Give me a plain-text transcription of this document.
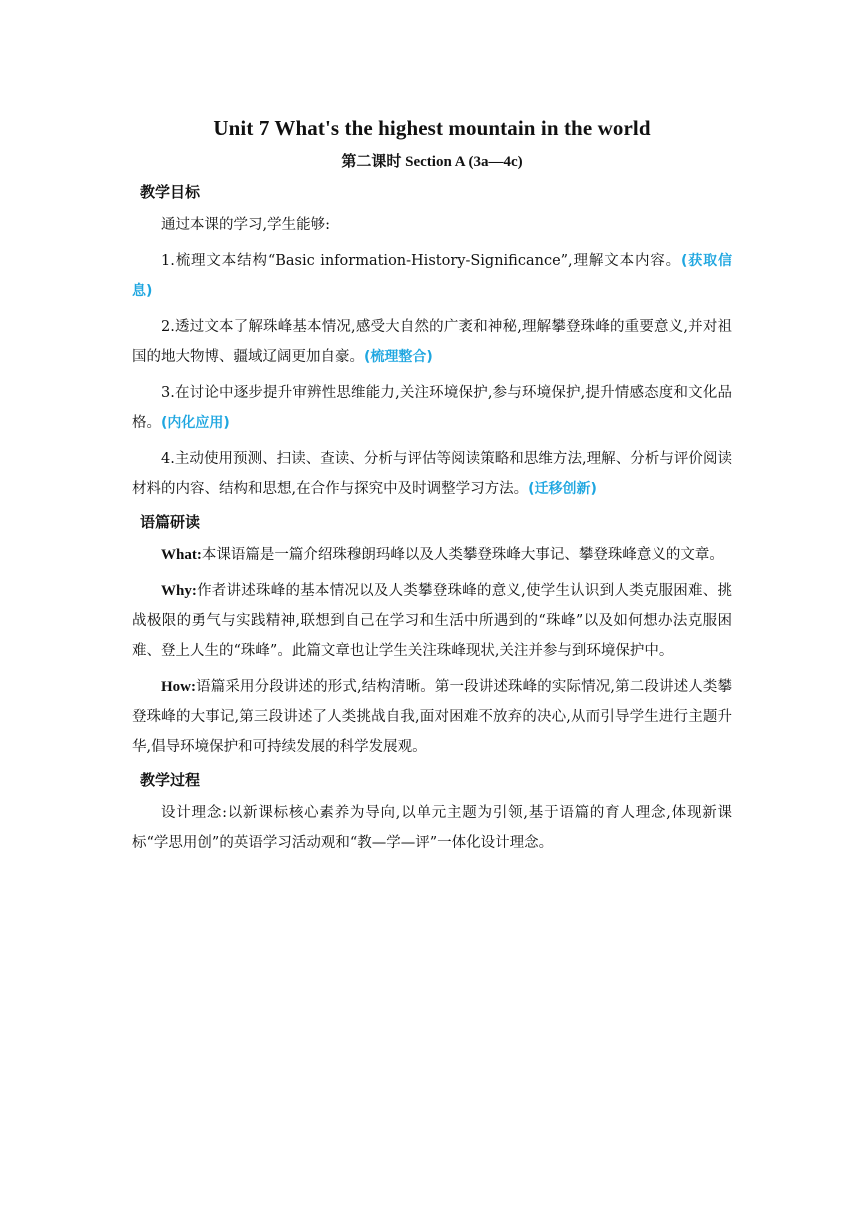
Unit 7 What's the highest mountain in the world
第二课时 Section A (3a—4c)
教学目标

通过本课的学习,学生能够:

1.梳理文本结构“Basic information-History-Significance”,理解文本内容。(获取信息)

2.透过文本了解珠峰基本情况,感受大自然的广袤和神秘,理解攀登珠峰的重要意义,并对祖国的地大物博、疆域辽阔更加自豪。(梳理整合)

3.在讨论中逐步提升审辨性思维能力,关注环境保护,参与环境保护,提升情感态度和文化品格。(内化应用)

4.主动使用预测、扫读、查读、分析与评估等阅读策略和思维方法,理解、分析与评价阅读材料的内容、结构和思想,在合作与探究中及时调整学习方法。(迁移创新)

语篇研读

What:本课语篇是一篇介绍珠穆朗玛峰以及人类攀登珠峰大事记、攀登珠峰意义的文章。

Why:作者讲述珠峰的基本情况以及人类攀登珠峰的意义,使学生认识到人类克服困难、挑战极限的勇气与实践精神,联想到自己在学习和生活中所遇到的“珠峰”以及如何想办法克服困难、登上人生的“珠峰”。此篇文章也让学生关注珠峰现状,关注并参与到环境保护中。

How:语篇采用分段讲述的形式,结构清晰。第一段讲述珠峰的实际情况,第二段讲述人类攀登珠峰的大事记,第三段讲述了人类挑战自我,面对困难不放弃的决心,从而引导学生进行主题升华,倡导环境保护和可持续发展的科学发展观。

教学过程

设计理念:以新课标核心素养为导向,以单元主题为引领,基于语篇的育人理念,体现新课标“学思用创”的英语学习活动观和“教—学—评”一体化设计理念。
